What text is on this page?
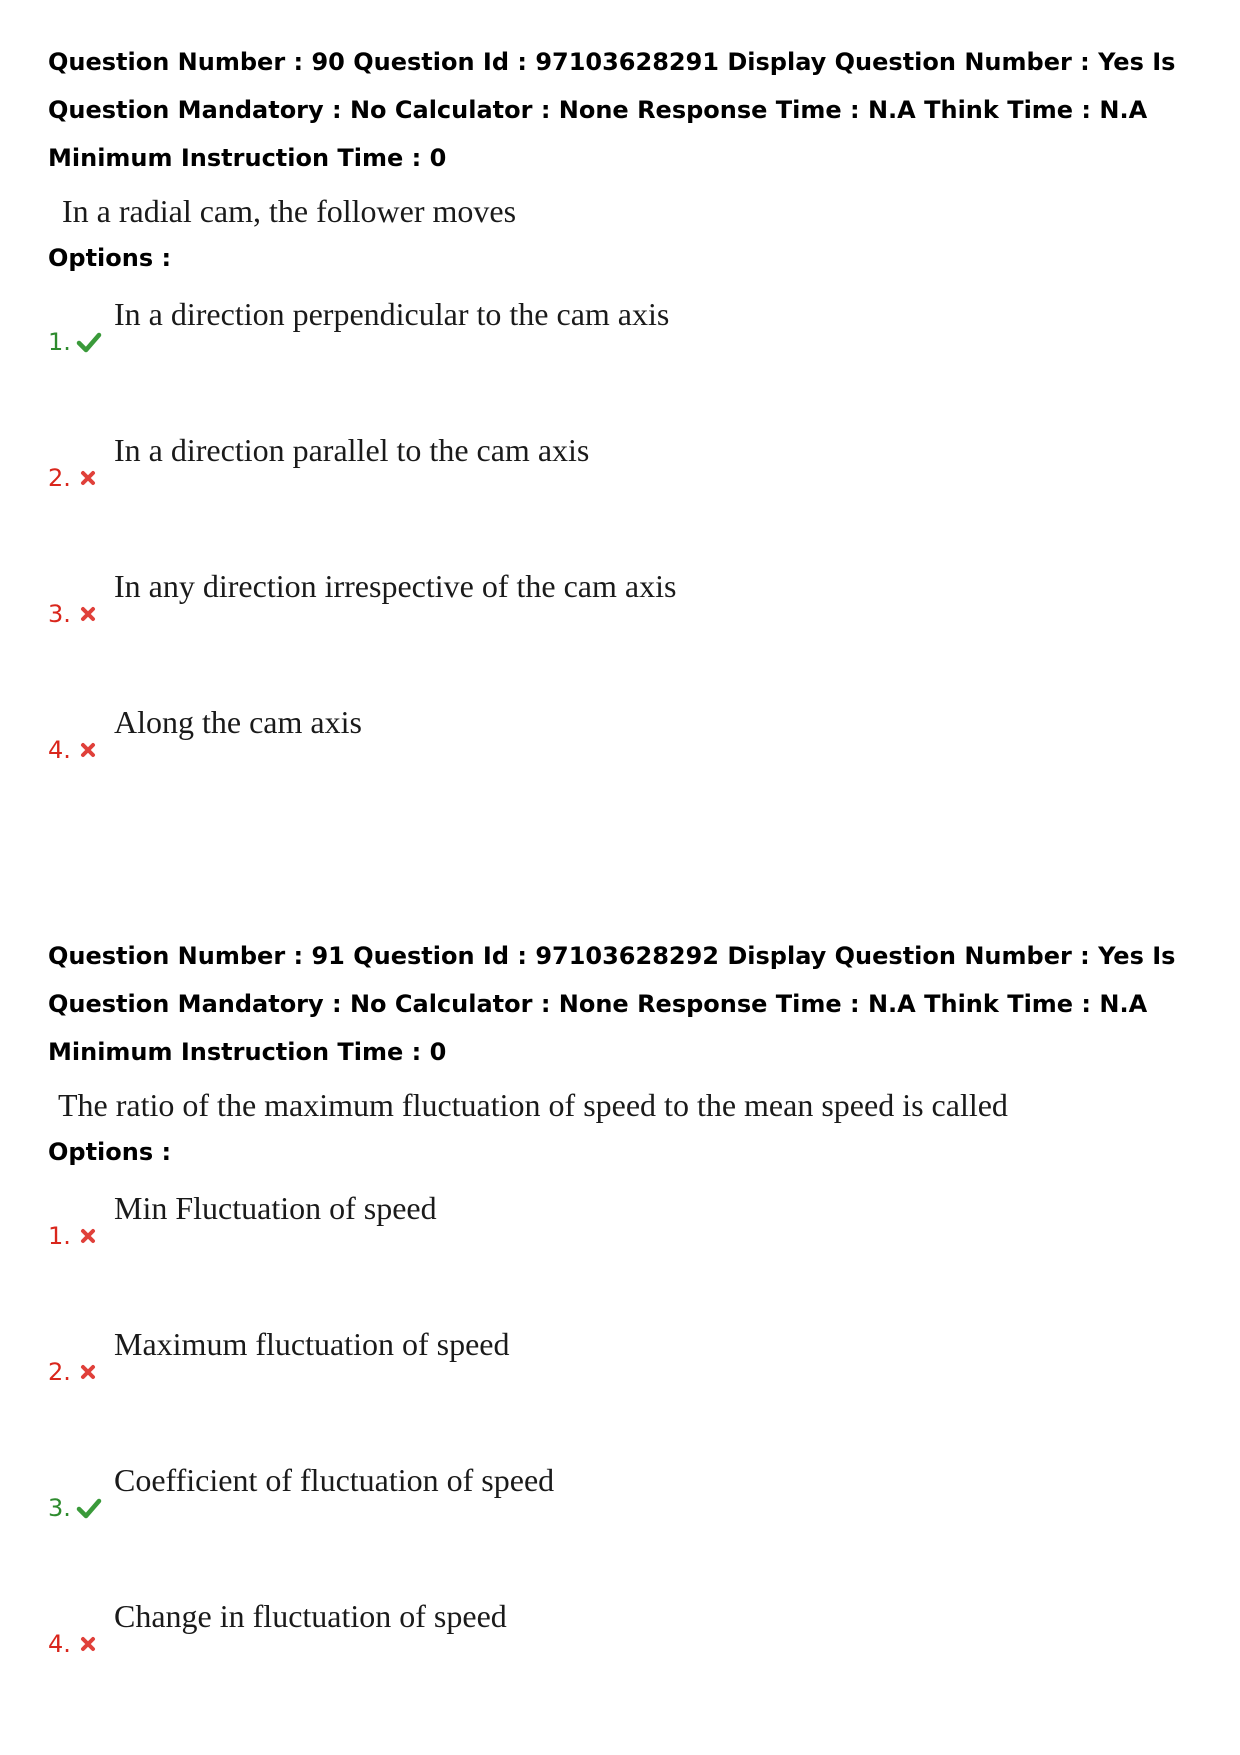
Question Number : 90 Question Id : 97103628291 Display Question Number : Yes Is Question Mandatory : No Calculator : None Response Time : N.A Think Time : N.A Minimum Instruction Time : 0

In a radial cam, the follower moves

Options :

1.
In a direction perpendicular to the cam axis
2.
In a direction parallel to the cam axis
3.
In any direction irrespective of the cam axis
4.
Along the cam axis

Question Number : 91 Question Id : 97103628292 Display Question Number : Yes Is Question Mandatory : No Calculator : None Response Time : N.A Think Time : N.A Minimum Instruction Time : 0

The ratio of the maximum fluctuation of speed to the mean speed is called

Options :

1.
Min Fluctuation of speed
2.
Maximum fluctuation of speed
3.
Coefficient of fluctuation of speed
4.
Change in fluctuation of speed
